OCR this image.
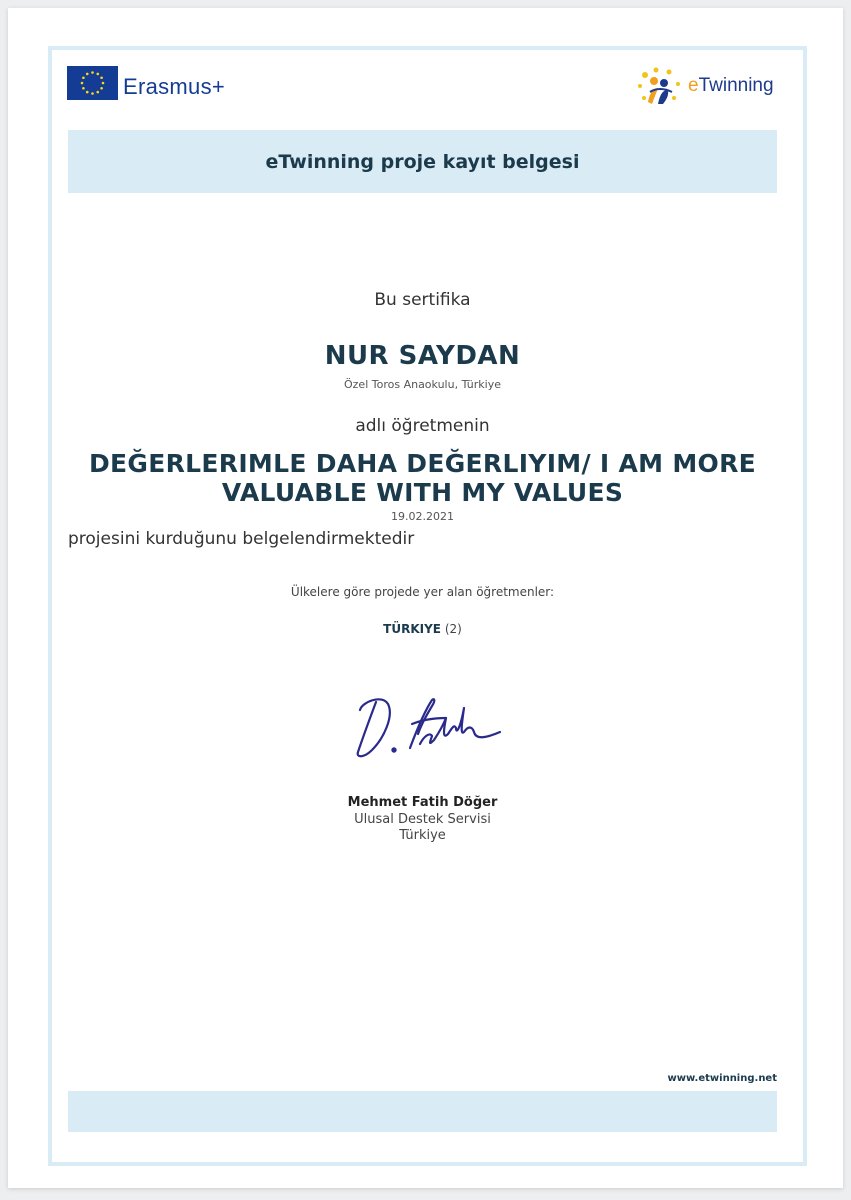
Erasmus+	eTwinning
eTwinning proje kayıt belgesi
Bu sertifika
NUR SAYDAN
Özel Toros Anaokulu, Türkiye
adlı öğretmenin
DEĞERLERIMLE DAHA DEĞERLIYIM/ I AM MORE VALUABLE WITH MY VALUES
19.02.2021
projesini kurduğunu belgelendirmektedir
Ülkelere göre projede yer alan öğretmenler:
TÜRKIYE (2)
Mehmet Fatih Döğer
Ulusal Destek Servisi
Türkiye
www.etwinning.net
